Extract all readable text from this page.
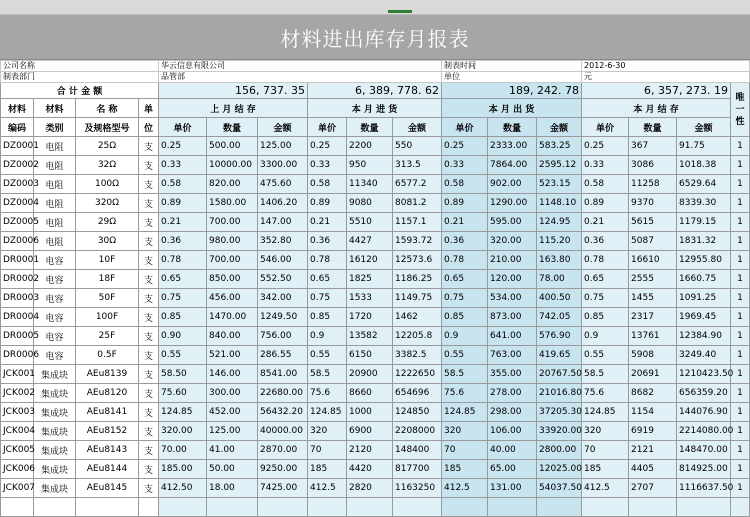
材料进出库存月报表
公司名称				华云信息有限公司						制表时间			2012-6-30			
制表部门				品管部						单位			元			
合 计 金 额				156, 737. 35			6, 389, 778. 62			189, 242. 78			6, 357, 273. 19			唯一性
材料	材料	名 称	单	上 月 结 存			本 月 进 货			本 月 出 货			本 月 结 存			
编码	类别	及规格型号	位	单价	数量	金额	单价	数量	金额	单价	数量	金额	单价	数量	金额	
DZ0001	电阻	25Ω	支	0.25	500.00	125.00	0.25	2200	550	0.25	2333.00	583.25	0.25	367	91.75	1
DZ0002	电阻	32Ω	支	0.33	10000.00	3300.00	0.33	950	313.5	0.33	7864.00	2595.12	0.33	3086	1018.38	1
DZ0003	电阻	100Ω	支	0.58	820.00	475.60	0.58	11340	6577.2	0.58	902.00	523.15	0.58	11258	6529.64	1
DZ0004	电阻	320Ω	支	0.89	1580.00	1406.20	0.89	9080	8081.2	0.89	1290.00	1148.10	0.89	9370	8339.30	1
DZ0005	电阻	29Ω	支	0.21	700.00	147.00	0.21	5510	1157.1	0.21	595.00	124.95	0.21	5615	1179.15	1
DZ0006	电阻	30Ω	支	0.36	980.00	352.80	0.36	4427	1593.72	0.36	320.00	115.20	0.36	5087	1831.32	1
DR0001	电容	10F	支	0.78	700.00	546.00	0.78	16120	12573.6	0.78	210.00	163.80	0.78	16610	12955.80	1
DR0002	电容	18F	支	0.65	850.00	552.50	0.65	1825	1186.25	0.65	120.00	78.00	0.65	2555	1660.75	1
DR0003	电容	50F	支	0.75	456.00	342.00	0.75	1533	1149.75	0.75	534.00	400.50	0.75	1455	1091.25	1
DR0004	电容	100F	支	0.85	1470.00	1249.50	0.85	1720	1462	0.85	873.00	742.05	0.85	2317	1969.45	1
DR0005	电容	25F	支	0.90	840.00	756.00	0.9	13582	12205.8	0.9	641.00	576.90	0.9	13761	12384.90	1
DR0006	电容	0.5F	支	0.55	521.00	286.55	0.55	6150	3382.5	0.55	763.00	419.65	0.55	5908	3249.40	1
JCK001	集成块	AEu8139	支	58.50	146.00	8541.00	58.5	20900	1222650	58.5	355.00	20767.50	58.5	20691	1210423.50	1
JCK002	集成块	AEu8120	支	75.60	300.00	22680.00	75.6	8660	654696	75.6	278.00	21016.80	75.6	8682	656359.20	1
JCK003	集成块	AEu8141	支	124.85	452.00	56432.20	124.85	1000	124850	124.85	298.00	37205.30	124.85	1154	144076.90	1
JCK004	集成块	AEu8152	支	320.00	125.00	40000.00	320	6900	2208000	320	106.00	33920.00	320	6919	2214080.00	1
JCK005	集成块	AEu8143	支	70.00	41.00	2870.00	70	2120	148400	70	40.00	2800.00	70	2121	148470.00	1
JCK006	集成块	AEu8144	支	185.00	50.00	9250.00	185	4420	817700	185	65.00	12025.00	185	4405	814925.00	1
JCK007	集成块	AEu8145	支	412.50	18.00	7425.00	412.5	2820	1163250	412.5	131.00	54037.50	412.5	2707	1116637.50	1
